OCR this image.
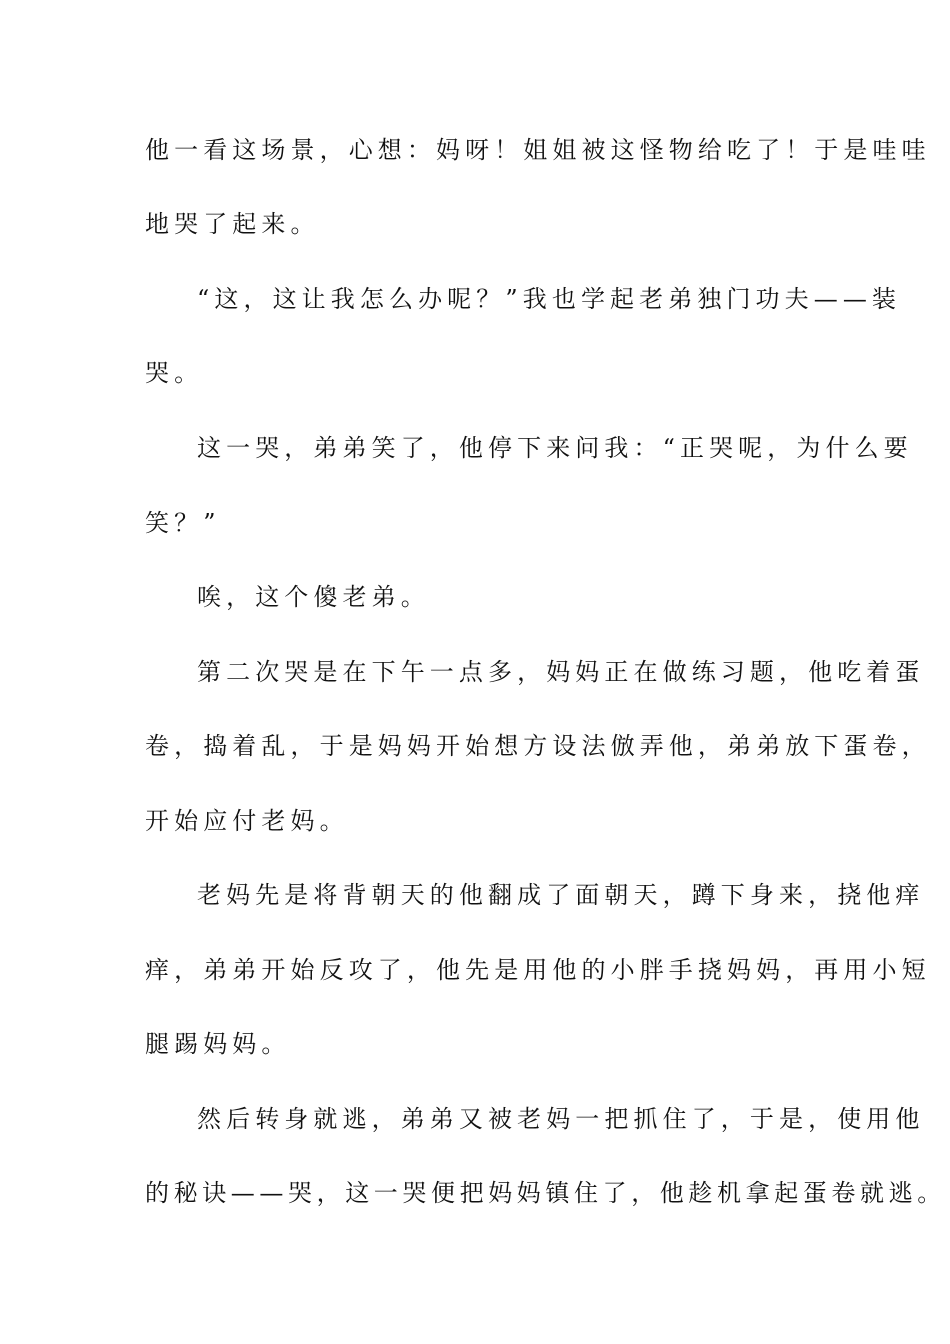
他一看这场景，心想：妈呀！姐姐被这怪物给吃了！于是哇哇
地哭了起来。
“这，这让我怎么办呢？”我也学起老弟独门功夫——装
哭。
这一哭，弟弟笑了，他停下来问我：“正哭呢，为什么要
笑？”
唉，这个傻老弟。
第二次哭是在下午一点多，妈妈正在做练习题，他吃着蛋
卷，捣着乱，于是妈妈开始想方设法倣弄他，弟弟放下蛋卷，
开始应付老妈。
老妈先是将背朝天的他翻成了面朝天，蹲下身来，挠他痒
痒，弟弟开始反攻了，他先是用他的小胖手挠妈妈，再用小短
腿踢妈妈。
然后转身就逃，弟弟又被老妈一把抓住了，于是，使用他
的秘诀——哭，这一哭便把妈妈镇住了，他趁机拿起蛋卷就逃。
